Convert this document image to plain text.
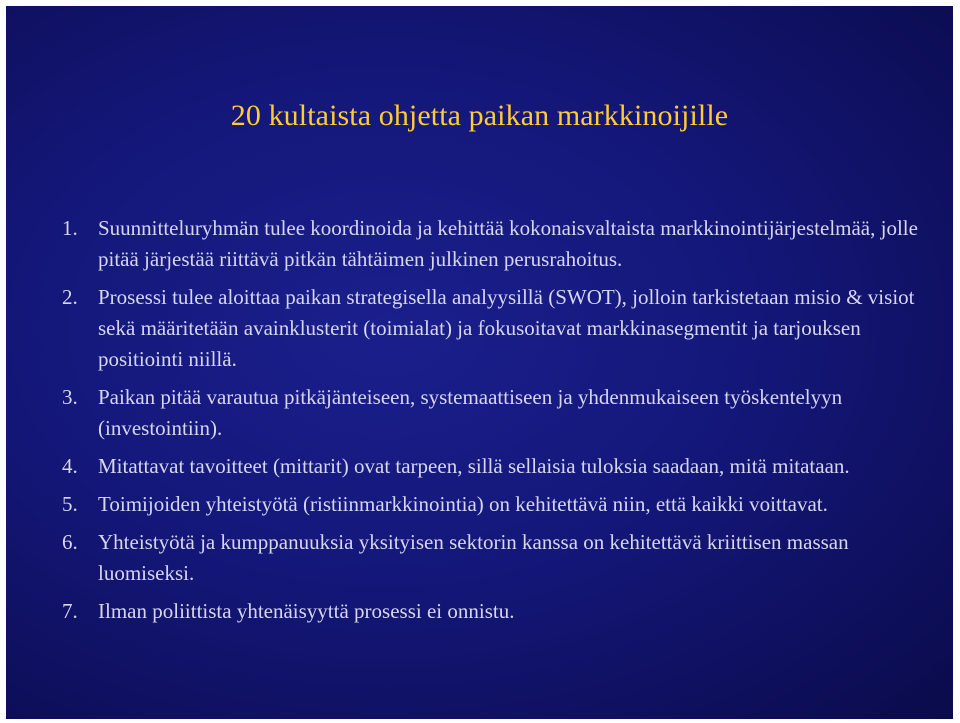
20 kultaista ohjetta paikan markkinoijille
1. Suunnitteluryhmän tulee koordinoida ja kehittää kokonaisvaltaista markkinointijärjestelmää, jolle pitää järjestää riittävä pitkän tähtäimen julkinen perusrahoitus.
2. Prosessi tulee aloittaa paikan strategisella analyysillä (SWOT), jolloin tarkistetaan misio & visiot sekä määritetään avainklusterit (toimialat) ja fokusoitavat markkinasegmentit ja tarjouksen positiointi niillä.
3. Paikan pitää varautua pitkäjänteiseen, systemaattiseen ja yhdenmukaiseen työskentelyyn (investointiin).
4. Mitattavat tavoitteet (mittarit) ovat tarpeen, sillä sellaisia tuloksia saadaan, mitä mitataan.
5. Toimijoiden yhteistyötä (ristiinmarkkinointia) on kehitettävä niin, että kaikki voittavat.
6. Yhteistyötä ja kumppanuuksia yksityisen sektorin kanssa on kehitettävä kriittisen massan luomiseksi.
7. Ilman poliittista yhtenäisyyttä prosessi ei onnistu.
